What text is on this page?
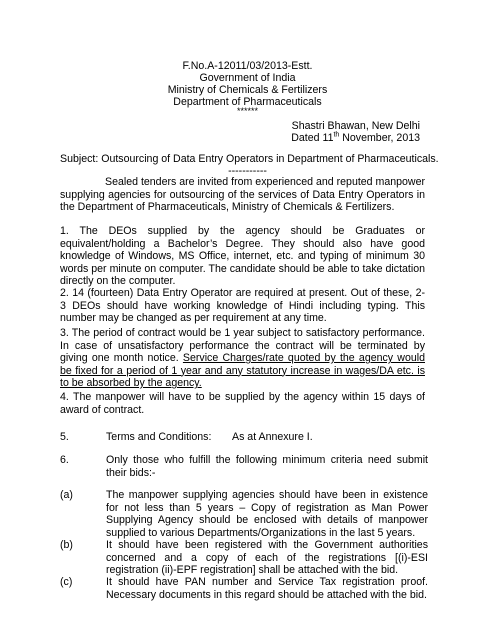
F.No.A-12011/03/2013-Estt.
Government of India
Ministry of Chemicals & Fertilizers
Department of Pharmaceuticals
******
Shastri Bhawan, New Delhi
Dated 11th November, 2013
Subject: Outsourcing of Data Entry Operators in Department of Pharmaceuticals.
-----------
Sealed tenders are invited from experienced and reputed manpower supplying agencies for outsourcing of the services of Data Entry Operators in the Department of Pharmaceuticals, Ministry of Chemicals & Fertilizers.
1. The DEOs supplied by the agency should be Graduates or equivalent/holding a Bachelor’s Degree. They should also have good knowledge of Windows, MS Office, internet, etc. and typing of minimum 30 words per minute on computer. The candidate should be able to take dictation directly on the computer.
2. 14 (fourteen) Data Entry Operator are required at present. Out of these, 2-3 DEOs should have working knowledge of Hindi including typing. This number may be changed as per requirement at any time.
3. The period of contract would be 1 year subject to satisfactory performance. In case of unsatisfactory performance the contract will be terminated by giving one month notice. Service Charges/rate quoted by the agency would be fixed for a period of 1 year and any statutory increase in wages/DA etc. is to be absorbed by the agency.
4. The manpower will have to be supplied by the agency within 15 days of award of contract.
5.	Terms and Conditions: As at Annexure I.
6.	Only those who fulfill the following minimum criteria need submit their bids:-
(a)	The manpower supplying agencies should have been in existence for not less than 5 years – Copy of registration as Man Power Supplying Agency should be enclosed with details of manpower supplied to various Departments/Organizations in the last 5 years.
(b)	It should have been registered with the Government authorities concerned and a copy of each of the registrations [(i)-ESI registration (ii)-EPF registration] shall be attached with the bid.
(c)	It should have PAN number and Service Tax registration proof. Necessary documents in this regard should be attached with the bid.
